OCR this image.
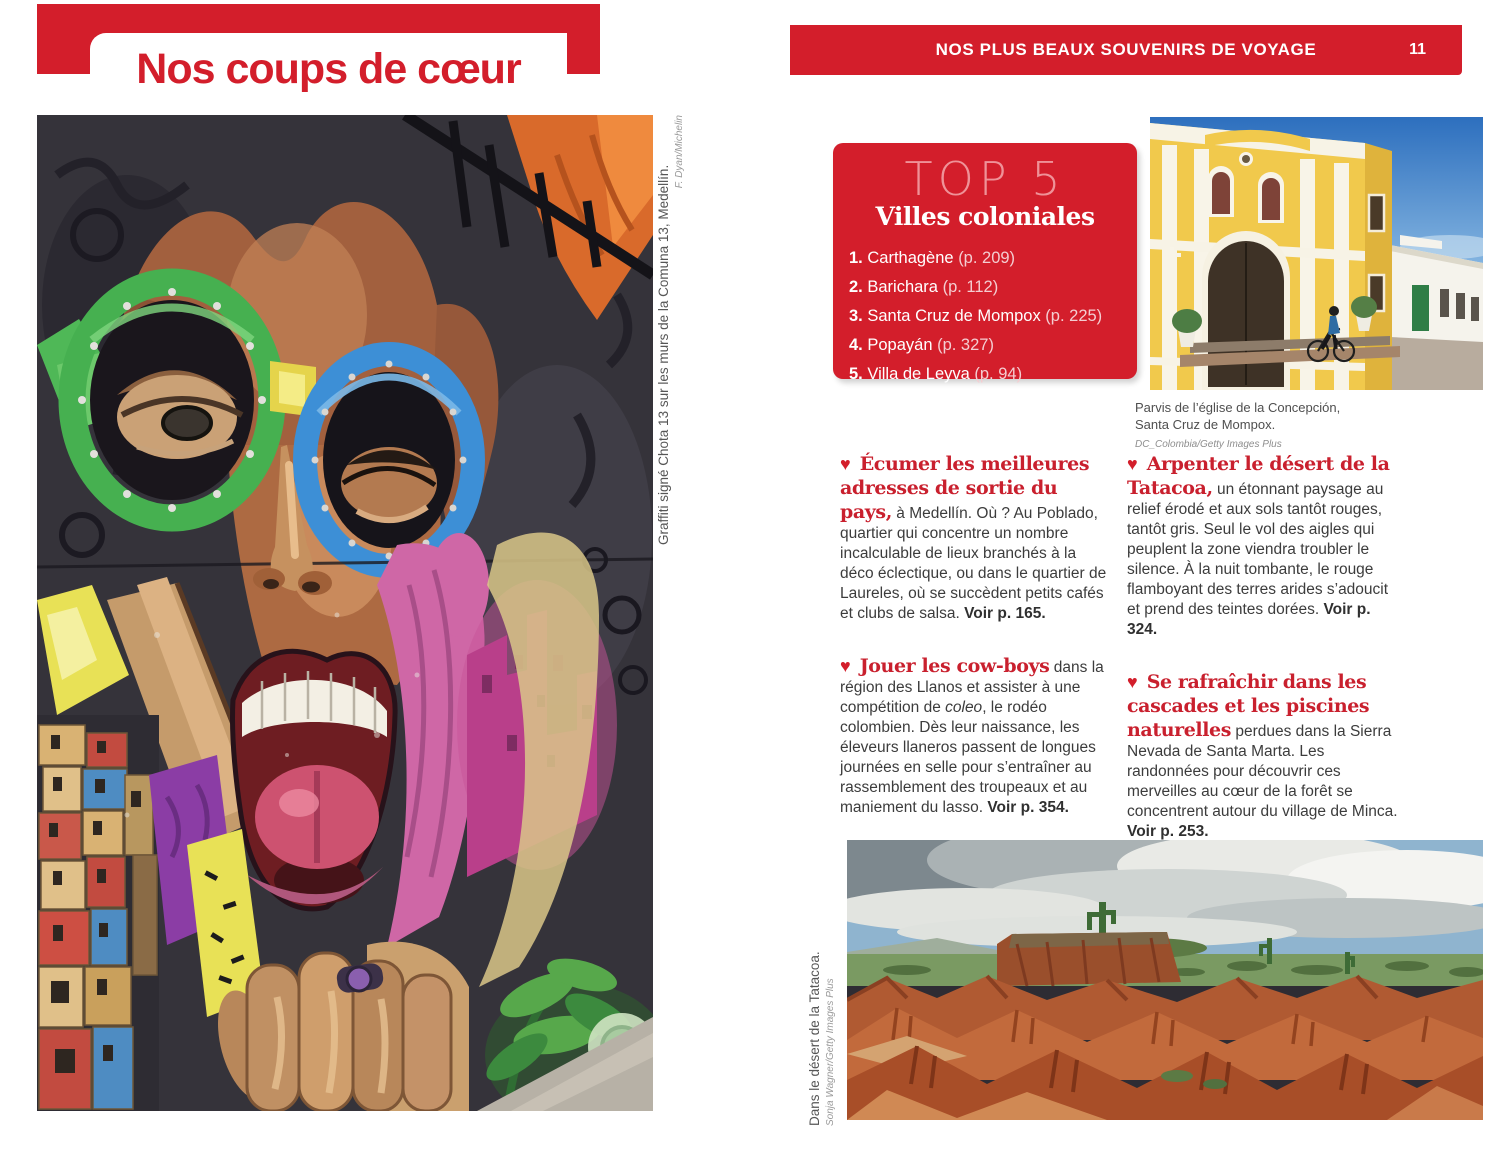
Nos coups de cœur
Graffiti signé Chota 13 sur les murs de la Comuna 13, Medellín.
F. Dyan/Michelin
NOS PLUS BEAUX SOUVENIRS DE VOYAGE	11
TOP 5
Villes coloniales
1. Carthagène (p. 209)
2. Barichara (p. 112)
3. Santa Cruz de Mompox (p. 225)
4. Popayán (p. 327)
5. Villa de Leyva (p. 94)
Parvis de l’église de la Concepción,
Santa Cruz de Mompox.
DC_Colombia/Getty Images Plus

♥ Écumer les meilleures adresses de sortie du pays, à Medellín. Où ? Au Poblado, quartier qui concentre un nombre incalculable de lieux branchés à la déco éclectique, ou dans le quartier de Laureles, où se succèdent petits cafés et clubs de salsa. Voir p. 165.

♥ Jouer les cow-boys dans la région des Llanos et assister à une compétition de coleo, le rodéo colombien. Dès leur naissance, les éleveurs llaneros passent de longues journées en selle pour s’entraîner au rassemblement des troupeaux et au maniement du lasso. Voir p. 354.

♥ Arpenter le désert de la Tatacoa, un étonnant paysage au relief érodé et aux sols tantôt rouges, tantôt gris. Seul le vol des aigles qui peuplent la zone viendra troubler le silence. À la nuit tombante, le rouge flamboyant des terres arides s’adoucit et prend des teintes dorées. Voir p. 324.

♥ Se rafraîchir dans les cascades et les piscines naturelles perdues dans la Sierra Nevada de Santa Marta. Les randonnées pour découvrir ces merveilles au cœur de la forêt se concentrent autour du village de Minca. Voir p. 253.

Dans le désert de la Tatacoa. Sonja Wagner/Getty Images Plus
